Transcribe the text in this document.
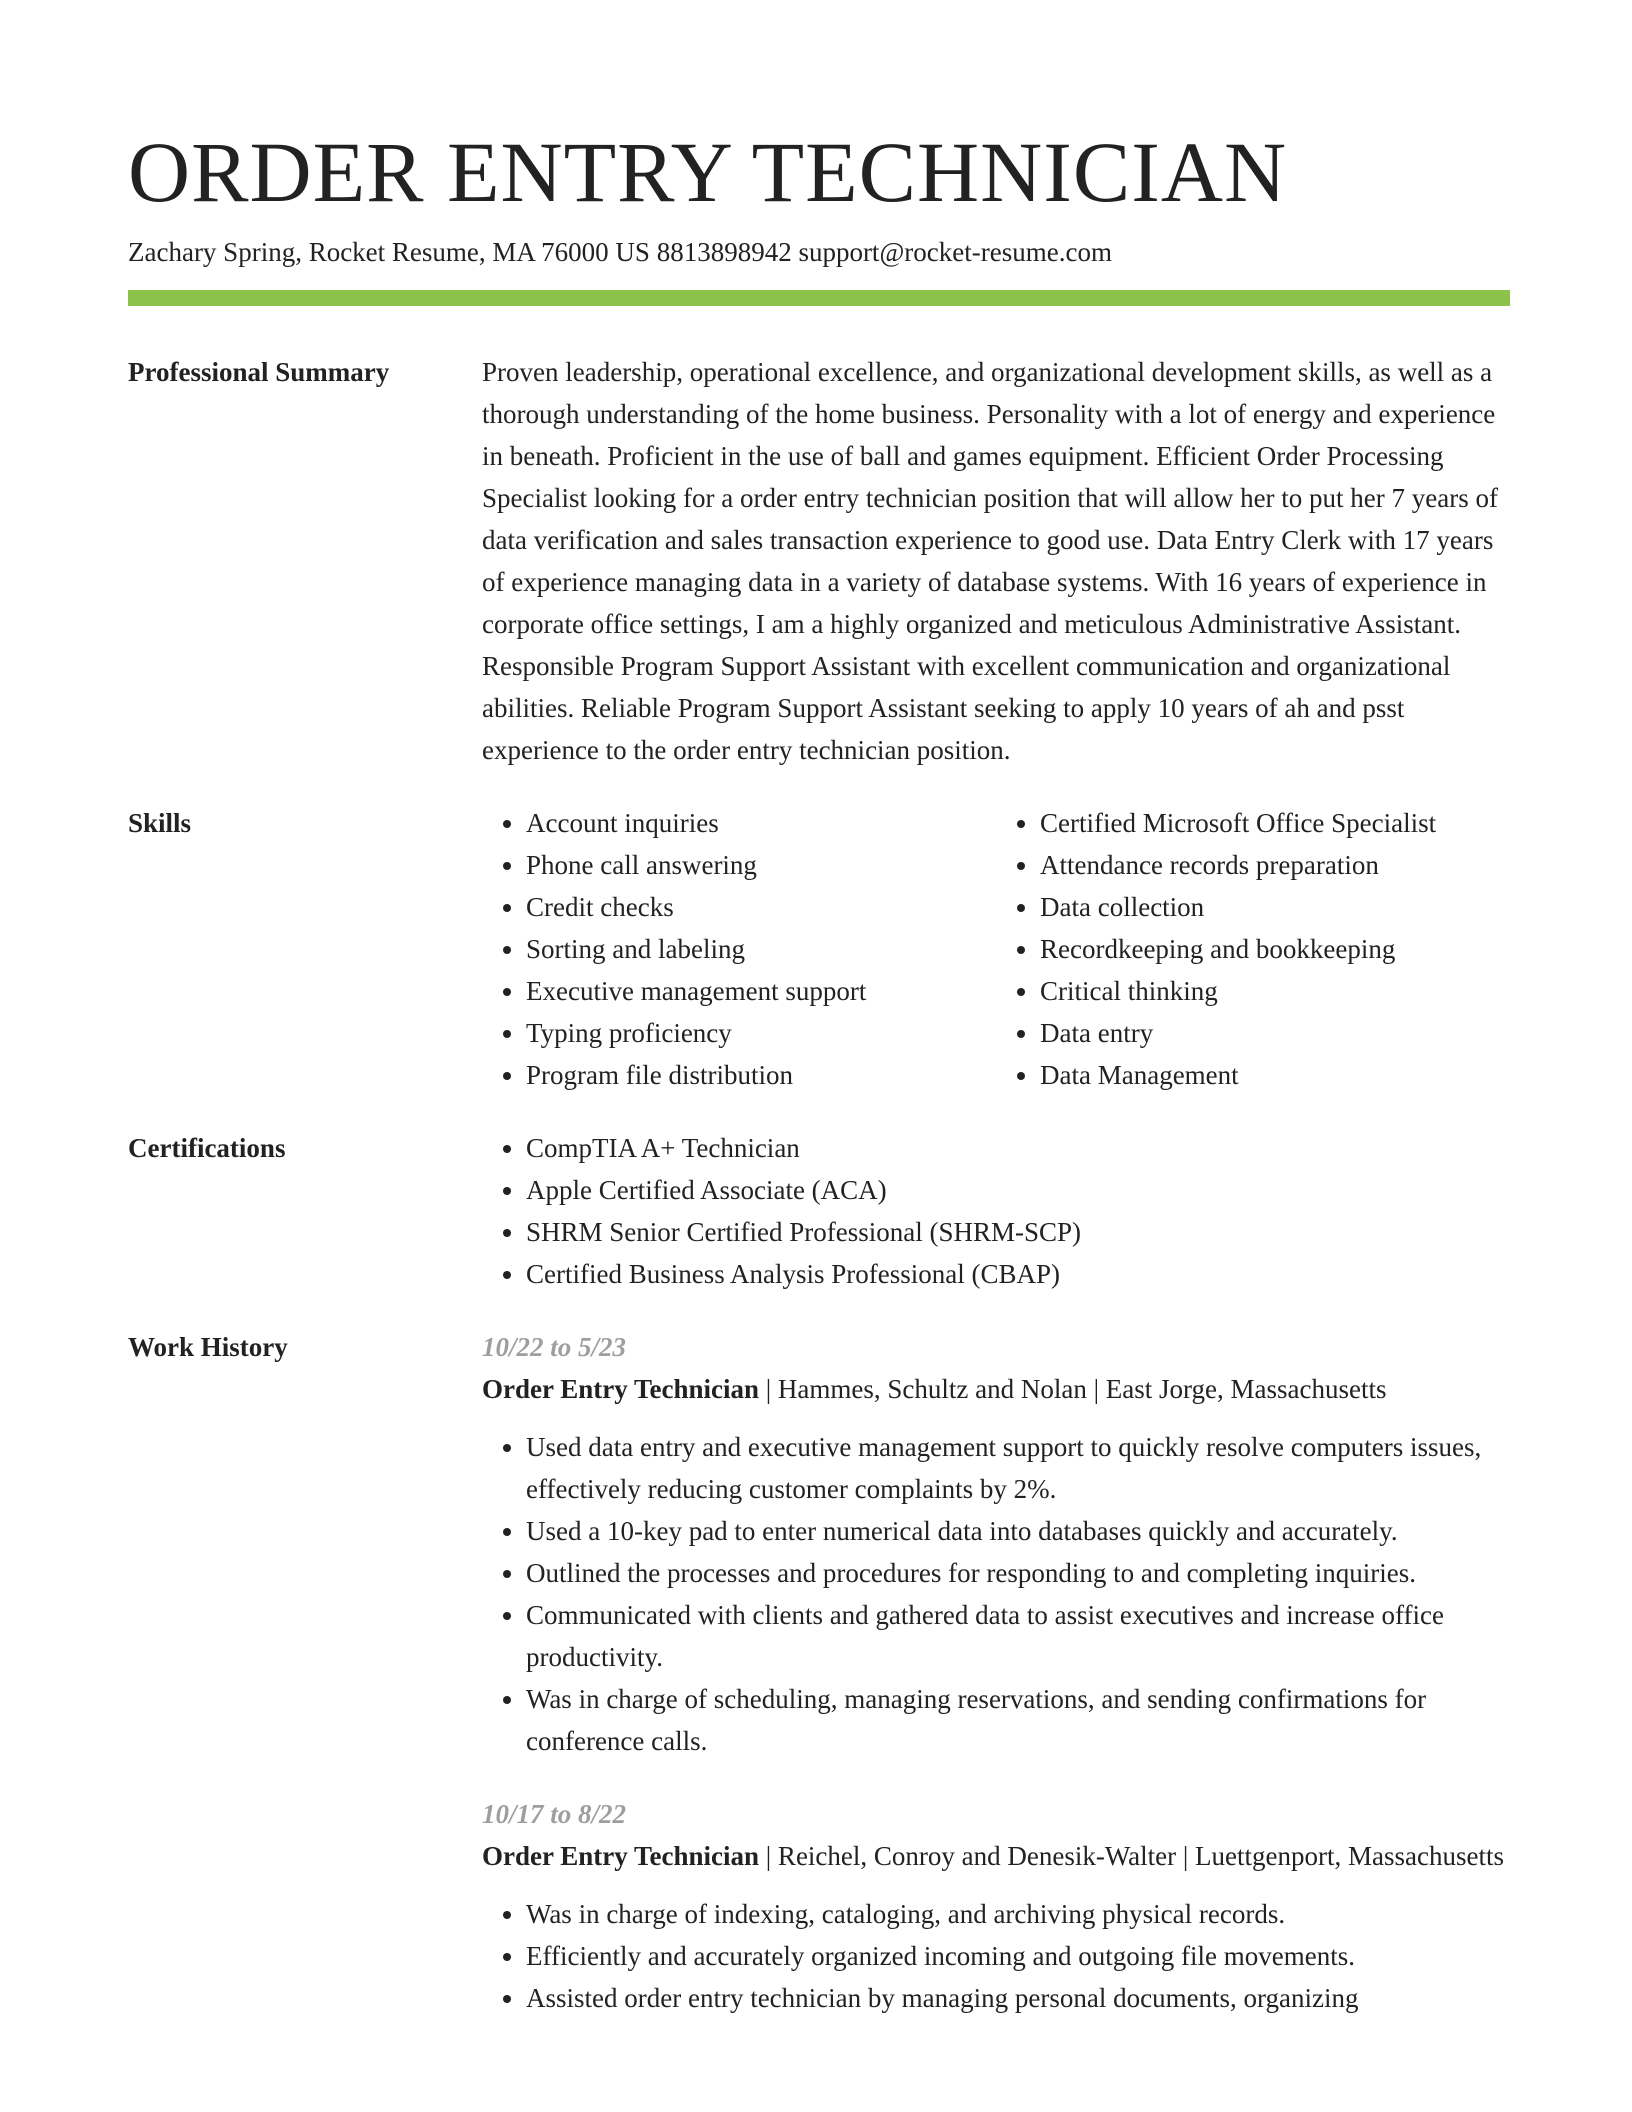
ORDER ENTRY TECHNICIAN
Zachary Spring, Rocket Resume, MA 76000 US 8813898942 support@rocket-resume.com
Professional Summary	Proven leadership, operational excellence, and organizational development skills, as well as a thorough understanding of the home business. Personality with a lot of energy and experience in beneath. Proficient in the use of ball and games equipment. Efficient Order Processing Specialist looking for a order entry technician position that will allow her to put her 7 years of data verification and sales transaction experience to good use. Data Entry Clerk with 17 years of experience managing data in a variety of database systems. With 16 years of experience in corporate office settings, I am a highly organized and meticulous Administrative Assistant. Responsible Program Support Assistant with excellent communication and organizational abilities. Reliable Program Support Assistant seeking to apply 10 years of ah and psst experience to the order entry technician position.

Skills	• Account inquiries
• Phone call answering
• Credit checks
• Sorting and labeling
• Executive management support
• Typing proficiency
• Program file distribution
• Certified Microsoft Office Specialist
• Attendance records preparation
• Data collection
• Recordkeeping and bookkeeping
• Critical thinking
• Data entry
• Data Management
Certifications	• CompTIA A+ Technician
• Apple Certified Associate (ACA)
• SHRM Senior Certified Professional (SHRM-SCP)
• Certified Business Analysis Professional (CBAP)
Work History	10/22 to 5/23
Order Entry Technician | Hammes, Schultz and Nolan | East Jorge, Massachusetts
• Used data entry and executive management support to quickly resolve computers issues, effectively reducing customer complaints by 2%.
• Used a 10-key pad to enter numerical data into databases quickly and accurately.
• Outlined the processes and procedures for responding to and completing inquiries.
• Communicated with clients and gathered data to assist executives and increase office productivity.
• Was in charge of scheduling, managing reservations, and sending confirmations for conference calls.
10/17 to 8/22
Order Entry Technician | Reichel, Conroy and Denesik-Walter | Luettgenport, Massachusetts
• Was in charge of indexing, cataloging, and archiving physical records.
• Efficiently and accurately organized incoming and outgoing file movements.
• Assisted order entry technician by managing personal documents, organizing
